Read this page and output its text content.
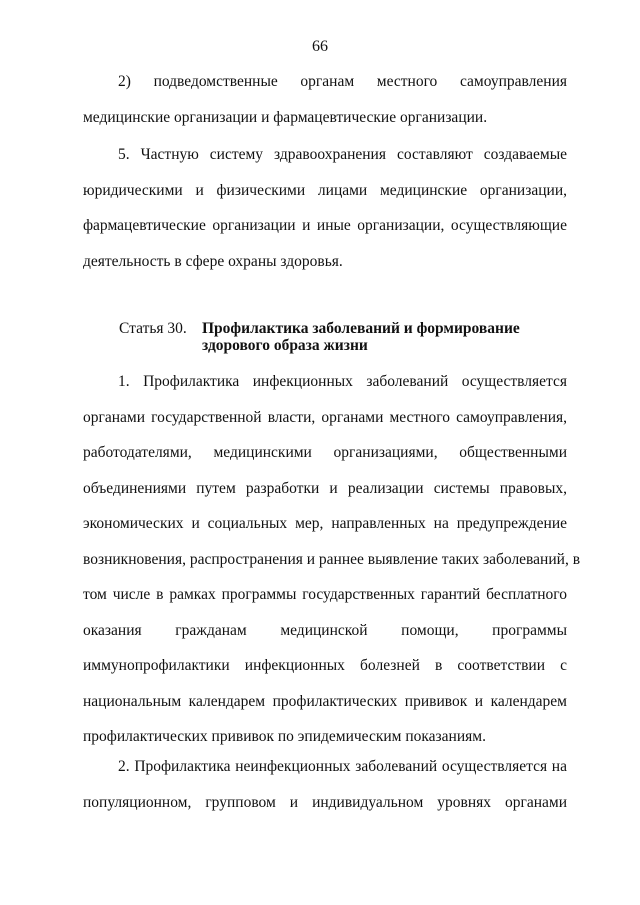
66
2) подведомственные органам местного самоуправления
медицинские организации и фармацевтические организации.
5. Частную систему здравоохранения составляют создаваемые
юридическими и физическими лицами медицинские организации,
фармацевтические организации и иные организации, осуществляющие
деятельность в сфере охраны здоровья.
Статья 30. Профилактика заболеваний и формирование
здорового образа жизни
1. Профилактика инфекционных заболеваний осуществляется
органами государственной власти, органами местного самоуправления,
работодателями, медицинскими организациями, общественными
объединениями путем разработки и реализации системы правовых,
экономических и социальных мер, направленных на предупреждение
возникновения, распространения и раннее выявление таких заболеваний, в
том числе в рамках программы государственных гарантий бесплатного
оказания гражданам медицинской помощи, программы
иммунопрофилактики инфекционных болезней в соответствии с
национальным календарем профилактических прививок и календарем
профилактических прививок по эпидемическим показаниям.
2. Профилактика неинфекционных заболеваний осуществляется на
популяционном, групповом и индивидуальном уровнях органами
